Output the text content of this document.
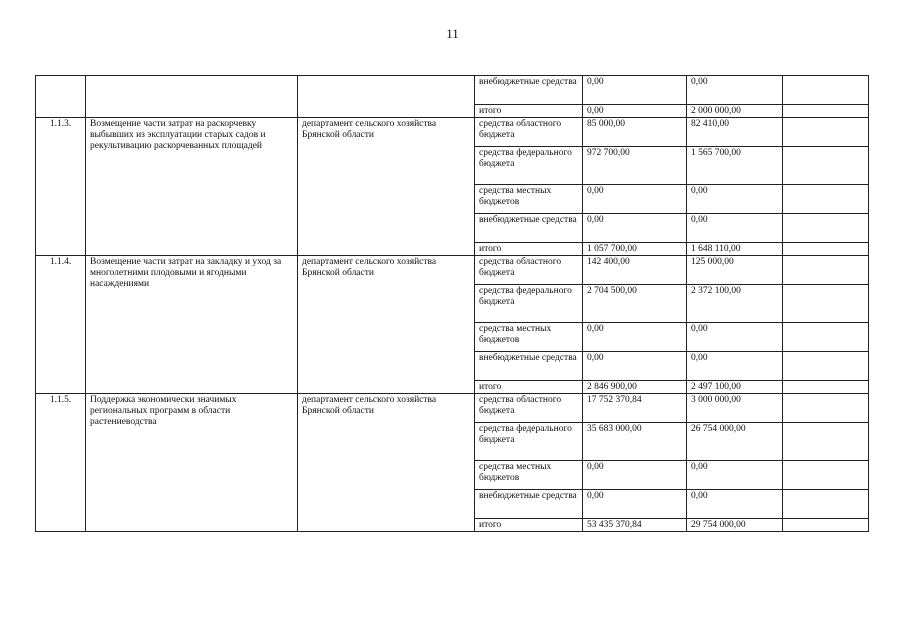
11
			внебюджетные средства	0,00	0,00	
			итого	0,00	2 000 000,00	
1.1.3.	Возмещение части затрат на раскорчевку выбывших из эксплуатации старых садов и рекультивацию раскорчеванных площадей	департамент сельского хозяйства Брянской области	средства областного бюджета	85 000,00	82 410,00	
			средства федерального бюджета	972 700,00	1 565 700,00	
			средства местных бюджетов	0,00	0,00	
			внебюджетные средства	0,00	0,00	
			итого	1 057 700,00	1 648 110,00	
1.1.4.	Возмещение части затрат на закладку и уход за многолетними плодовыми и ягодными насаждениями	департамент сельского хозяйства Брянской области	средства областного бюджета	142 400,00	125 000,00	
			средства федерального бюджета	2 704 500,00	2 372 100,00	
			средства местных бюджетов	0,00	0,00	
			внебюджетные средства	0,00	0,00	
			итого	2 846 900,00	2 497 100,00	
1.1.5.	Поддержка экономически значимых региональных программ в области растениеводства	департамент сельского хозяйства Брянской области	средства областного бюджета	17 752 370,84	3 000 000,00	
			средства федерального бюджета	35 683 000,00	26 754 000,00	
			средства местных бюджетов	0,00	0,00	
			внебюджетные средства	0,00	0,00	
			итого	53 435 370,84	29 754 000,00	
